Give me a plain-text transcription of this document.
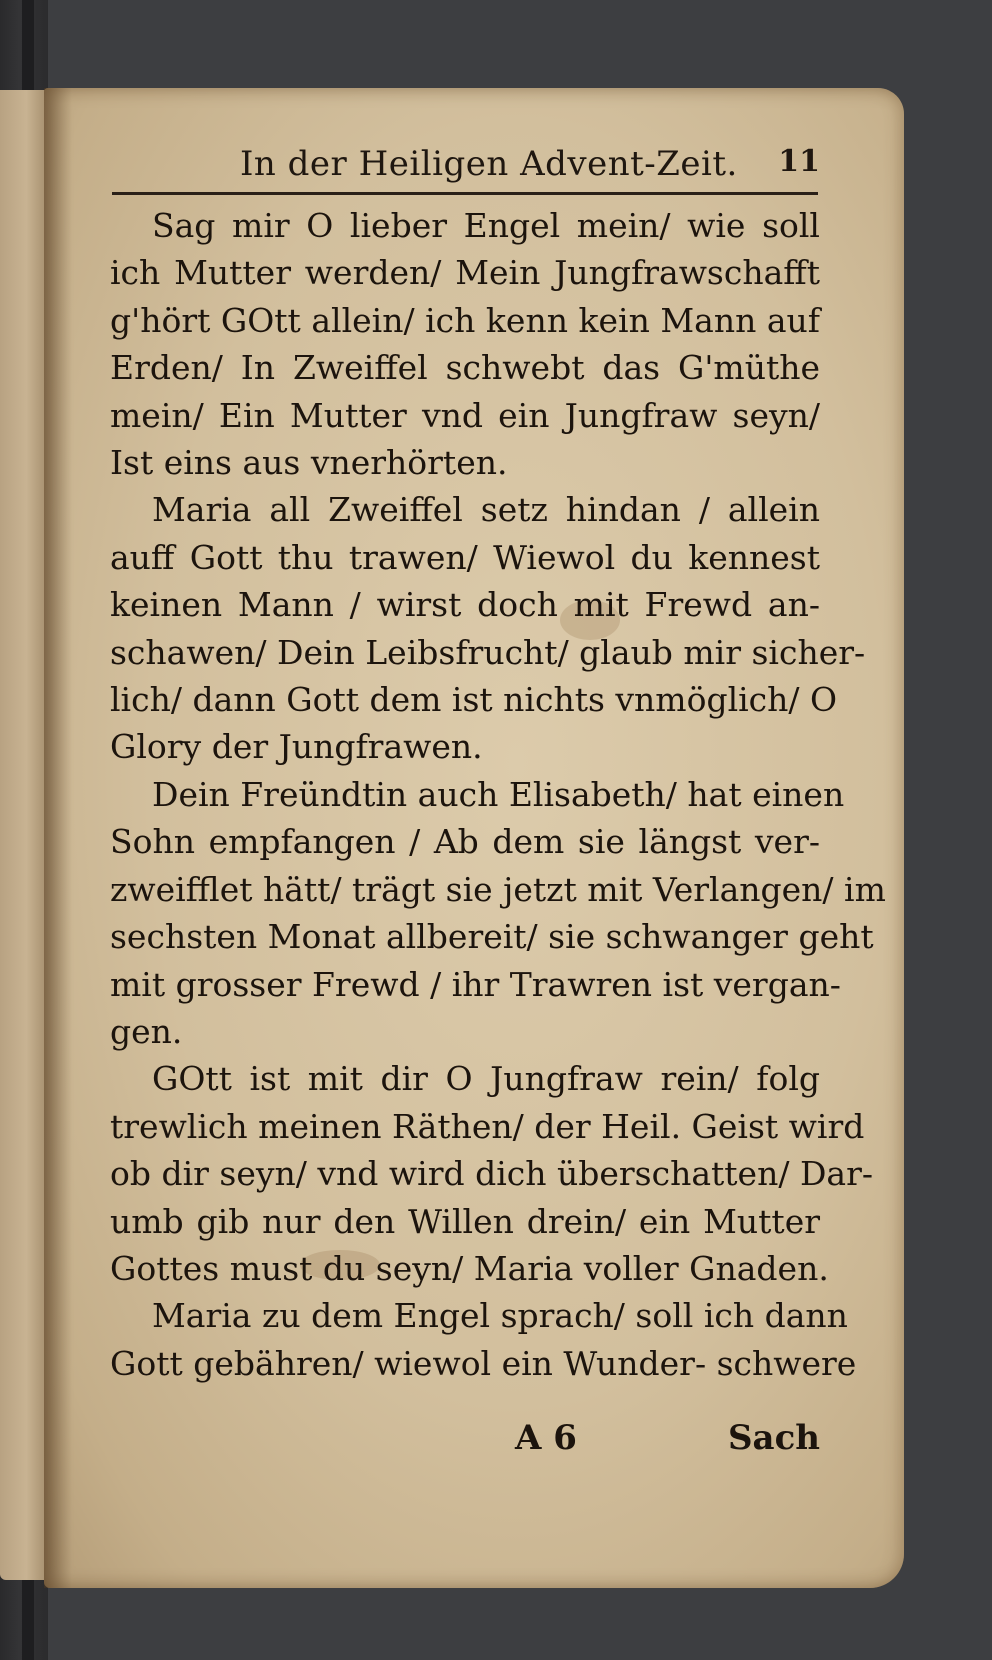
In der Heiligen Advent-Zeit. 11
Sag mir O lieber Engel mein/ wie soll
ich Mutter werden/ Mein Jungfrawschafft
g'hört GOtt allein/ ich kenn kein Mann auf
Erden/ In Zweiffel schwebt das G'müthe
mein/ Ein Mutter vnd ein Jungfraw seyn/
Ist eins aus vnerhörten.
Maria all Zweiffel setz hindan / allein
auff Gott thu trawen/ Wiewol du kennest
keinen Mann / wirst doch mit Frewd an-
schawen/ Dein Leibsfrucht/ glaub mir sicher-
lich/ dann Gott dem ist nichts vnmöglich/ O
Glory der Jungfrawen.
Dein Freündtin auch Elisabeth/ hat einen
Sohn empfangen / Ab dem sie längst ver-
zweifflet hätt/ trägt sie jetzt mit Verlangen/ im
sechsten Monat allbereit/ sie schwanger geht
mit grosser Frewd / ihr Trawren ist vergan-
gen.
GOtt ist mit dir O Jungfraw rein/ folg
trewlich meinen Räthen/ der Heil. Geist wird
ob dir seyn/ vnd wird dich überschatten/ Dar-
umb gib nur den Willen drein/ ein Mutter
Gottes must du seyn/ Maria voller Gnaden.
Maria zu dem Engel sprach/ soll ich dann
Gott gebähren/ wiewol ein Wunder- schwere
A 6	Sach
